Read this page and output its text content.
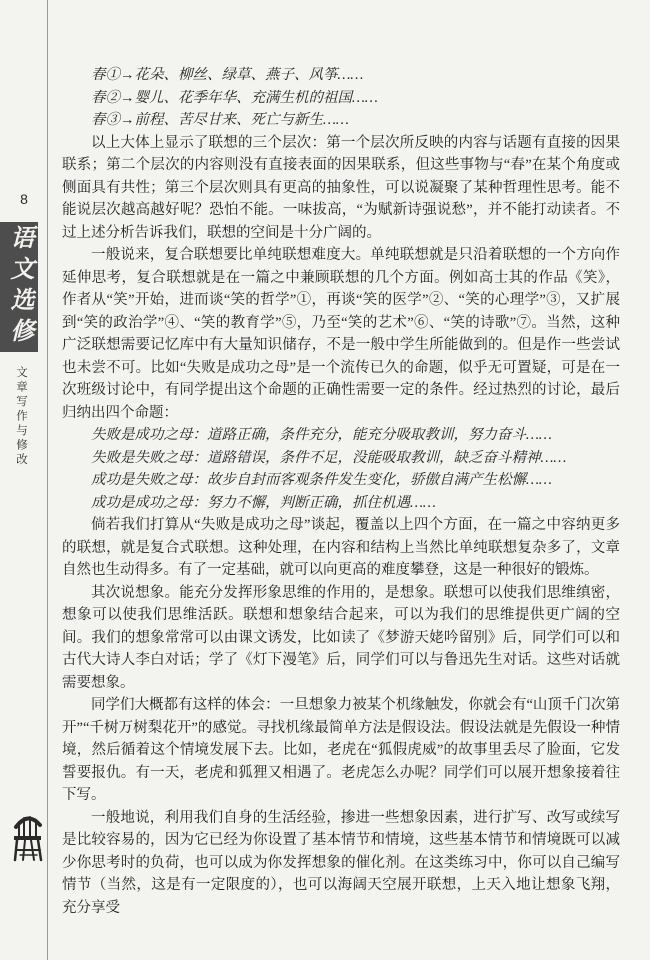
8
语文选修
文章写作与修改

春①→花朵、柳丝、绿草、燕子、风筝……

春②→婴儿、花季年华、充满生机的祖国……

春③→前程、苦尽甘来、死亡与新生……

以上大体上显示了联想的三个层次：第一个层次所反映的内容与话题有直接的因果联系；第二个层次的内容则没有直接表面的因果联系，但这些事物与“春”在某个角度或侧面具有共性；第三个层次则具有更高的抽象性，可以说凝聚了某种哲理性思考。能不能说层次越高越好呢？恐怕不能。一味拔高，“为赋新诗强说愁”，并不能打动读者。不过上述分析告诉我们，联想的空间是十分广阔的。

一般说来，复合联想要比单纯联想难度大。单纯联想就是只沿着联想的一个方向作延伸思考，复合联想就是在一篇之中兼顾联想的几个方面。例如高士其的作品《笑》，作者从“笑”开始，进而谈“笑的哲学”①，再谈“笑的医学”②、“笑的心理学”③，又扩展到“笑的政治学”④、“笑的教育学”⑤，乃至“笑的艺术”⑥、“笑的诗歌”⑦。当然，这种广泛联想需要记忆库中有大量知识储存，不是一般中学生所能做到的。但是作一些尝试也未尝不可。比如“失败是成功之母”是一个流传已久的命题，似乎无可置疑，可是在一次班级讨论中，有同学提出这个命题的正确性需要一定的条件。经过热烈的讨论，最后归纳出四个命题：

失败是成功之母：道路正确，条件充分，能充分吸取教训，努力奋斗……

失败是失败之母：道路错误，条件不足，没能吸取教训，缺乏奋斗精神……

成功是失败之母：故步自封而客观条件发生变化，骄傲自满产生松懈……

成功是成功之母：努力不懈，判断正确，抓住机遇……

倘若我们打算从“失败是成功之母”谈起，覆盖以上四个方面，在一篇之中容纳更多的联想，就是复合式联想。这种处理，在内容和结构上当然比单纯联想复杂多了，文章自然也生动得多。有了一定基础，就可以向更高的难度攀登，这是一种很好的锻炼。

其次说想象。能充分发挥形象思维的作用的，是想象。联想可以使我们思维缜密，想象可以使我们思维活跃。联想和想象结合起来，可以为我们的思维提供更广阔的空间。我们的想象常常可以由课文诱发，比如读了《梦游天姥吟留别》后，同学们可以和古代大诗人李白对话；学了《灯下漫笔》后，同学们可以与鲁迅先生对话。这些对话就需要想象。

同学们大概都有这样的体会：一旦想象力被某个机缘触发，你就会有“山顶千门次第开”“千树万树梨花开”的感觉。寻找机缘最简单方法是假设法。假设法就是先假设一种情境，然后循着这个情境发展下去。比如，老虎在“狐假虎威”的故事里丢尽了脸面，它发誓要报仇。有一天，老虎和狐狸又相遇了。老虎怎么办呢？同学们可以展开想象接着往下写。

一般地说，利用我们自身的生活经验，掺进一些想象因素，进行扩写、改写或续写是比较容易的，因为它已经为你设置了基本情节和情境，这些基本情节和情境既可以减少你思考时的负荷，也可以成为你发挥想象的催化剂。在这类练习中，你可以自己编写情节（当然，这是有一定限度的），也可以海阔天空展开联想，上天入地让想象飞翔，充分享受
